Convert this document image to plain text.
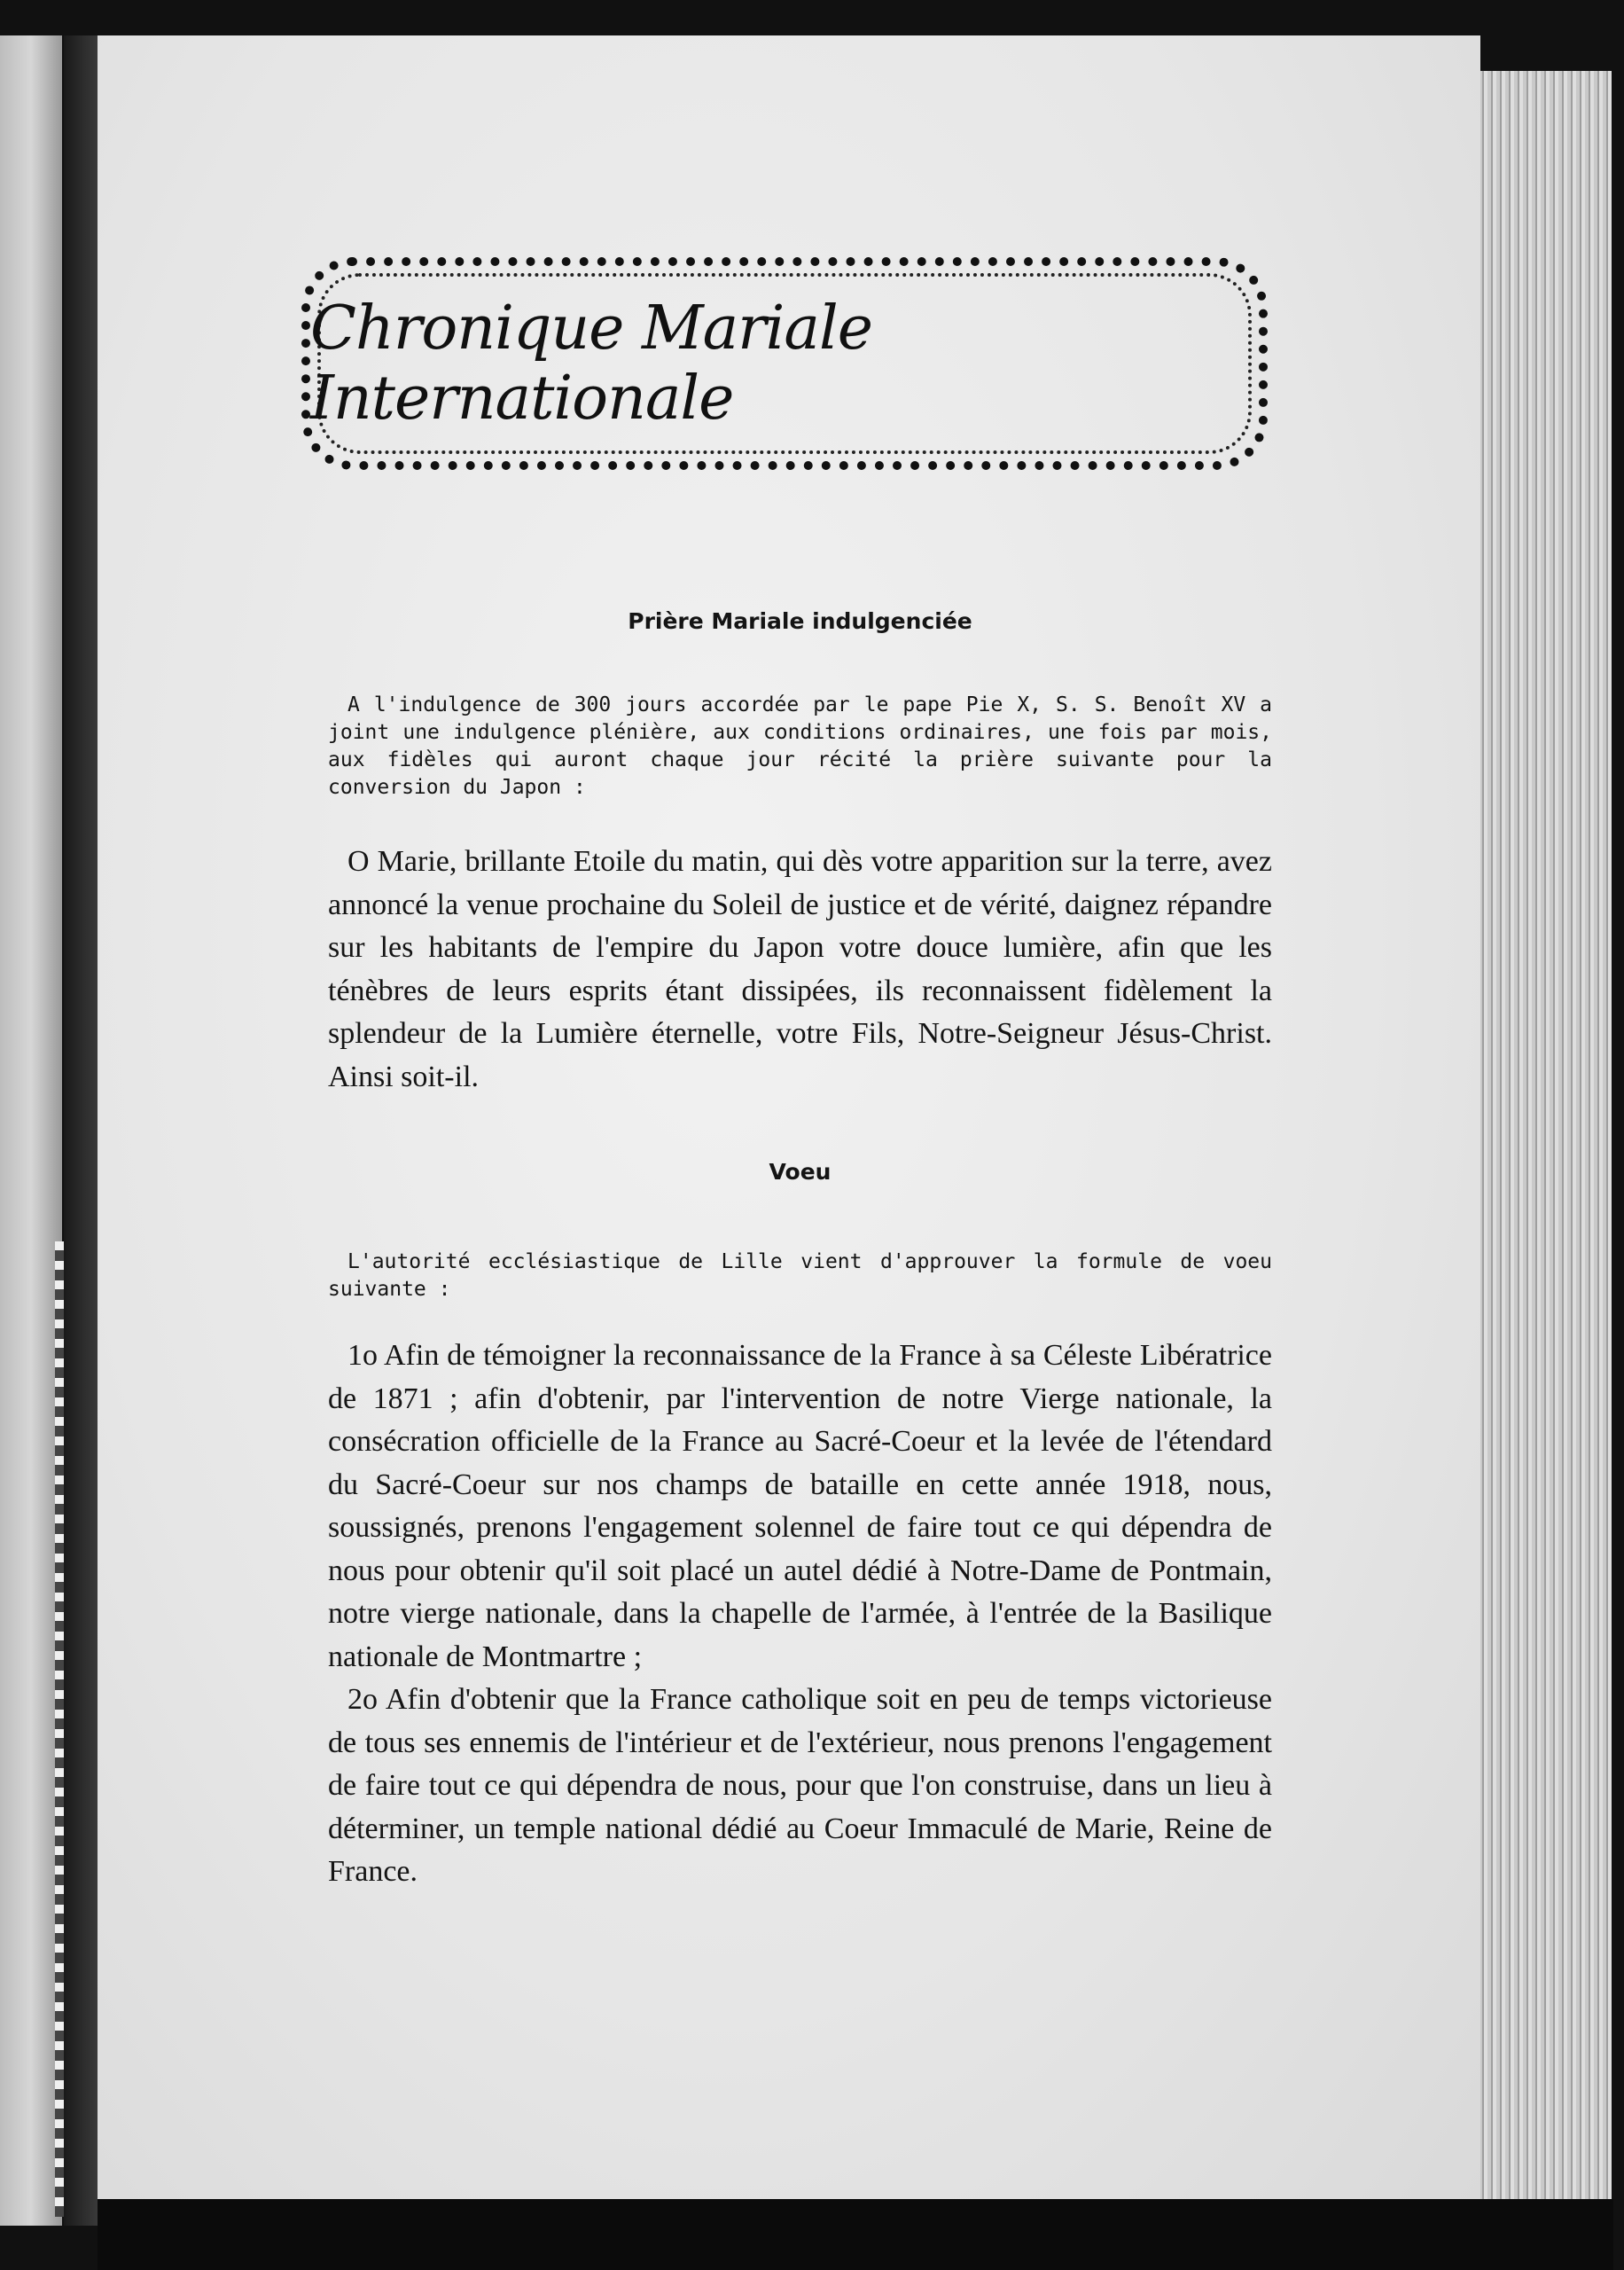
Chronique Mariale Internationale
Prière Mariale indulgenciée

A l'indulgence de 300 jours accordée par le pape Pie X, S. S. Benoît XV a joint une indulgence plénière, aux conditions ordinaires, une fois par mois, aux fidèles qui auront chaque jour récité la prière suivante pour la conversion du Japon :

O Marie, brillante Etoile du matin, qui dès votre apparition sur la terre, avez annoncé la venue prochaine du Soleil de justice et de vérité, daignez répandre sur les habitants de l'empire du Japon votre douce lumière, afin que les ténèbres de leurs esprits étant dissipées, ils reconnaissent fidèlement la splendeur de la Lumière éternelle, votre Fils, Notre-Seigneur Jésus-Christ. Ainsi soit-il.

Voeu

L'autorité ecclésiastique de Lille vient d'approuver la formule de voeu suivante :

1o Afin de témoigner la reconnaissance de la France à sa Céleste Libératrice de 1871 ; afin d'obtenir, par l'intervention de notre Vierge nationale, la consécration officielle de la France au Sacré-Coeur et la levée de l'étendard du Sacré-Coeur sur nos champs de bataille en cette année 1918, nous, soussignés, prenons l'engagement solennel de faire tout ce qui dépendra de nous pour obtenir qu'il soit placé un autel dédié à Notre-Dame de Pontmain, notre vierge nationale, dans la chapelle de l'armée, à l'entrée de la Basilique nationale de Montmartre ;

2o Afin d'obtenir que la France catholique soit en peu de temps victorieuse de tous ses ennemis de l'intérieur et de l'extérieur, nous prenons l'engagement de faire tout ce qui dépendra de nous, pour que l'on construise, dans un lieu à déterminer, un temple national dédié au Coeur Immaculé de Marie, Reine de France.
